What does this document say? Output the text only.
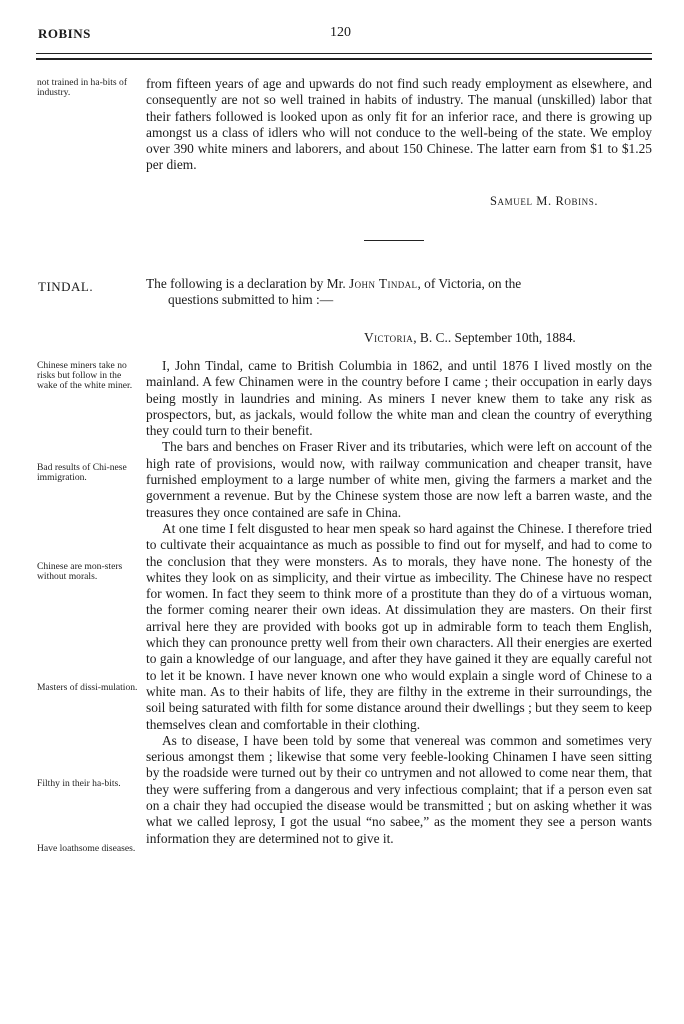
ROBINS	120
not trained in ha-bits of industry.

from fifteen years of age and upwards do not find such ready employment as elsewhere, and consequently are not so well trained in habits of industry. The manual (unskilled) labor that their fathers followed is looked upon as only fit for an inferior race, and there is growing up amongst us a class of idlers who will not conduce to the well-being of the state. We employ over 390 white miners and laborers, and about 150 Chinese. The latter earn from $1 to $1.25 per diem.

Samuel M. Robins.
TINDAL.	The following is a declaration by Mr. John Tindal, of Victoria, on the
questions submitted to him :—
Victoria, B. C.. September 10th, 1884.
Chinese miners take no risks but follow in the wake of the white miner.
Bad results of Chi-nese immigration.
Chinese are mon-sters without morals.
Masters of dissi-mulation.
Filthy in their ha-bits.
Have loathsome diseases.

I, John Tindal, came to British Columbia in 1862, and until 1876 I lived mostly on the mainland. A few Chinamen were in the country before I came ; their occupation in early days being mostly in laundries and mining. As miners I never knew them to take any risk as prospectors, but, as jackals, would follow the white man and clean the country of everything they could turn to their benefit.

The bars and benches on Fraser River and its tributaries, which were left on account of the high rate of provisions, would now, with railway communication and cheaper transit, have furnished employment to a large number of white men, giving the farmers a market and the government a revenue. But by the Chinese system those are now left a barren waste, and the treasures they once contained are safe in China.

At one time I felt disgusted to hear men speak so hard against the Chinese. I therefore tried to cultivate their acquaintance as much as possible to find out for myself, and had to come to the conclusion that they were monsters. As to morals, they have none. The honesty of the whites they look on as simplicity, and their virtue as imbecility. The Chinese have no respect for women. In fact they seem to think more of a prostitute than they do of a virtuous woman, the former coming nearer their own ideas. At dissimulation they are masters. On their first arrival here they are provided with books got up in admirable form to teach them English, which they can pronounce pretty well from their own characters. All their energies are exerted to gain a knowledge of our language, and after they have gained it they are equally careful not to let it be known. I have never known one who would explain a single word of Chinese to a white man. As to their habits of life, they are filthy in the extreme in their surroundings, the soil being saturated with filth for some distance around their dwellings ; but they seem to keep themselves clean and comfortable in their clothing.

As to disease, I have been told by some that venereal was common and sometimes very serious amongst them ; likewise that some very feeble-looking Chinamen I have seen sitting by the roadside were turned out by their co untrymen and not allowed to come near them, that they were suffering from a dangerous and very infectious complaint; that if a person even sat on a chair they had occupied the disease would be transmitted ; but on asking whether it was what we called leprosy, I got the usual “no sabee,” as the moment they see a person wants information they are determined not to give it.
